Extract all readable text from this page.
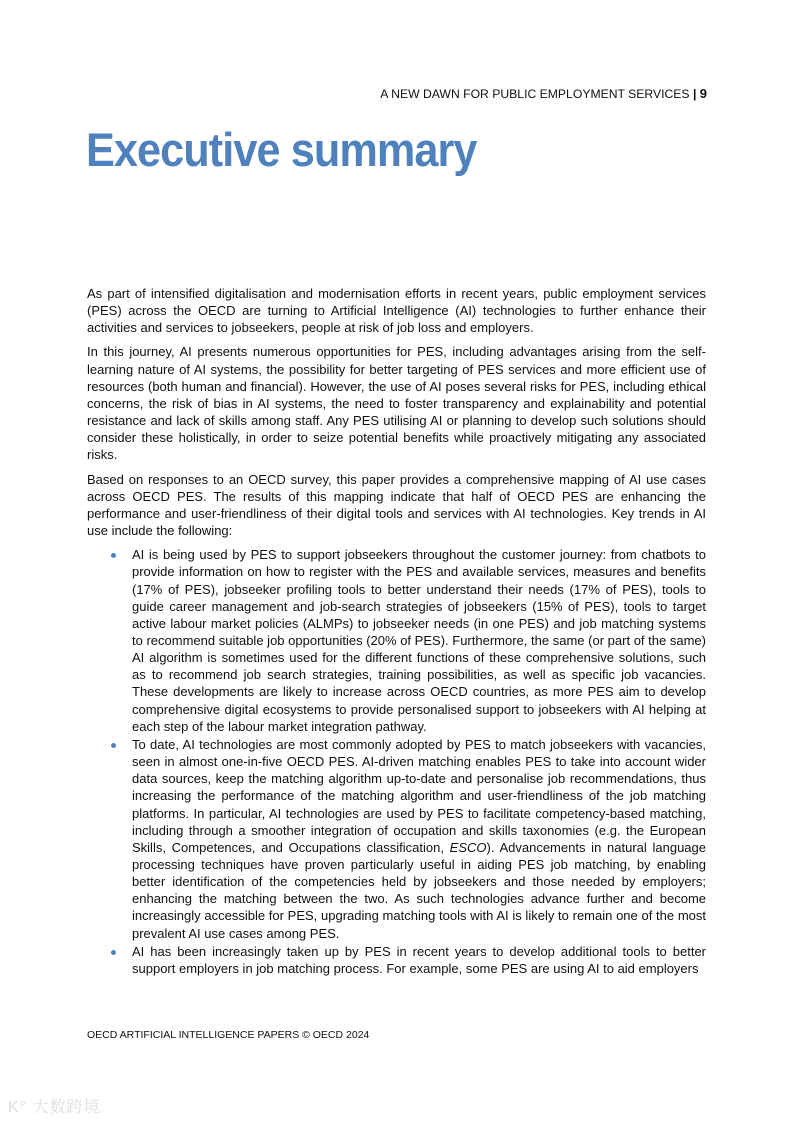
A NEW DAWN FOR PUBLIC EMPLOYMENT SERVICES | 9
Executive summary

As part of intensified digitalisation and modernisation efforts in recent years, public employment services (PES) across the OECD are turning to Artificial Intelligence (AI) technologies to further enhance their activities and services to jobseekers, people at risk of job loss and employers.

In this journey, AI presents numerous opportunities for PES, including advantages arising from the self-learning nature of AI systems, the possibility for better targeting of PES services and more efficient use of resources (both human and financial). However, the use of AI poses several risks for PES, including ethical concerns, the risk of bias in AI systems, the need to foster transparency and explainability and potential resistance and lack of skills among staff. Any PES utilising AI or planning to develop such solutions should consider these holistically, in order to seize potential benefits while proactively mitigating any associated risks.

Based on responses to an OECD survey, this paper provides a comprehensive mapping of AI use cases across OECD PES. The results of this mapping indicate that half of OECD PES are enhancing the performance and user-friendliness of their digital tools and services with AI technologies. Key trends in AI use include the following:

AI is being used by PES to support jobseekers throughout the customer journey: from chatbots to provide information on how to register with the PES and available services, measures and benefits (17% of PES), jobseeker profiling tools to better understand their needs (17% of PES), tools to guide career management and job-search strategies of jobseekers (15% of PES), tools to target active labour market policies (ALMPs) to jobseeker needs (in one PES) and job matching systems to recommend suitable job opportunities (20% of PES). Furthermore, the same (or part of the same) AI algorithm is sometimes used for the different functions of these comprehensive solutions, such as to recommend job search strategies, training possibilities, as well as specific job vacancies. These developments are likely to increase across OECD countries, as more PES aim to develop comprehensive digital ecosystems to provide personalised support to jobseekers with AI helping at each step of the labour market integration pathway.
To date, AI technologies are most commonly adopted by PES to match jobseekers with vacancies, seen in almost one-in-five OECD PES. AI-driven matching enables PES to take into account wider data sources, keep the matching algorithm up-to-date and personalise job recommendations, thus increasing the performance of the matching algorithm and user-friendliness of the job matching platforms. In particular, AI technologies are used by PES to facilitate competency-based matching, including through a smoother integration of occupation and skills taxonomies (e.g. the European Skills, Competences, and Occupations classification, ESCO). Advancements in natural language processing techniques have proven particularly useful in aiding PES job matching, by enabling better identification of the competencies held by jobseekers and those needed by employers; enhancing the matching between the two. As such technologies advance further and become increasingly accessible for PES, upgrading matching tools with AI is likely to remain one of the most prevalent AI use cases among PES.
AI has been increasingly taken up by PES in recent years to develop additional tools to better support employers in job matching process. For example, some PES are using AI to aid employers
OECD ARTIFICIAL INTELLIGENCE PAPERS © OECD 2024
K° 大数跨境
